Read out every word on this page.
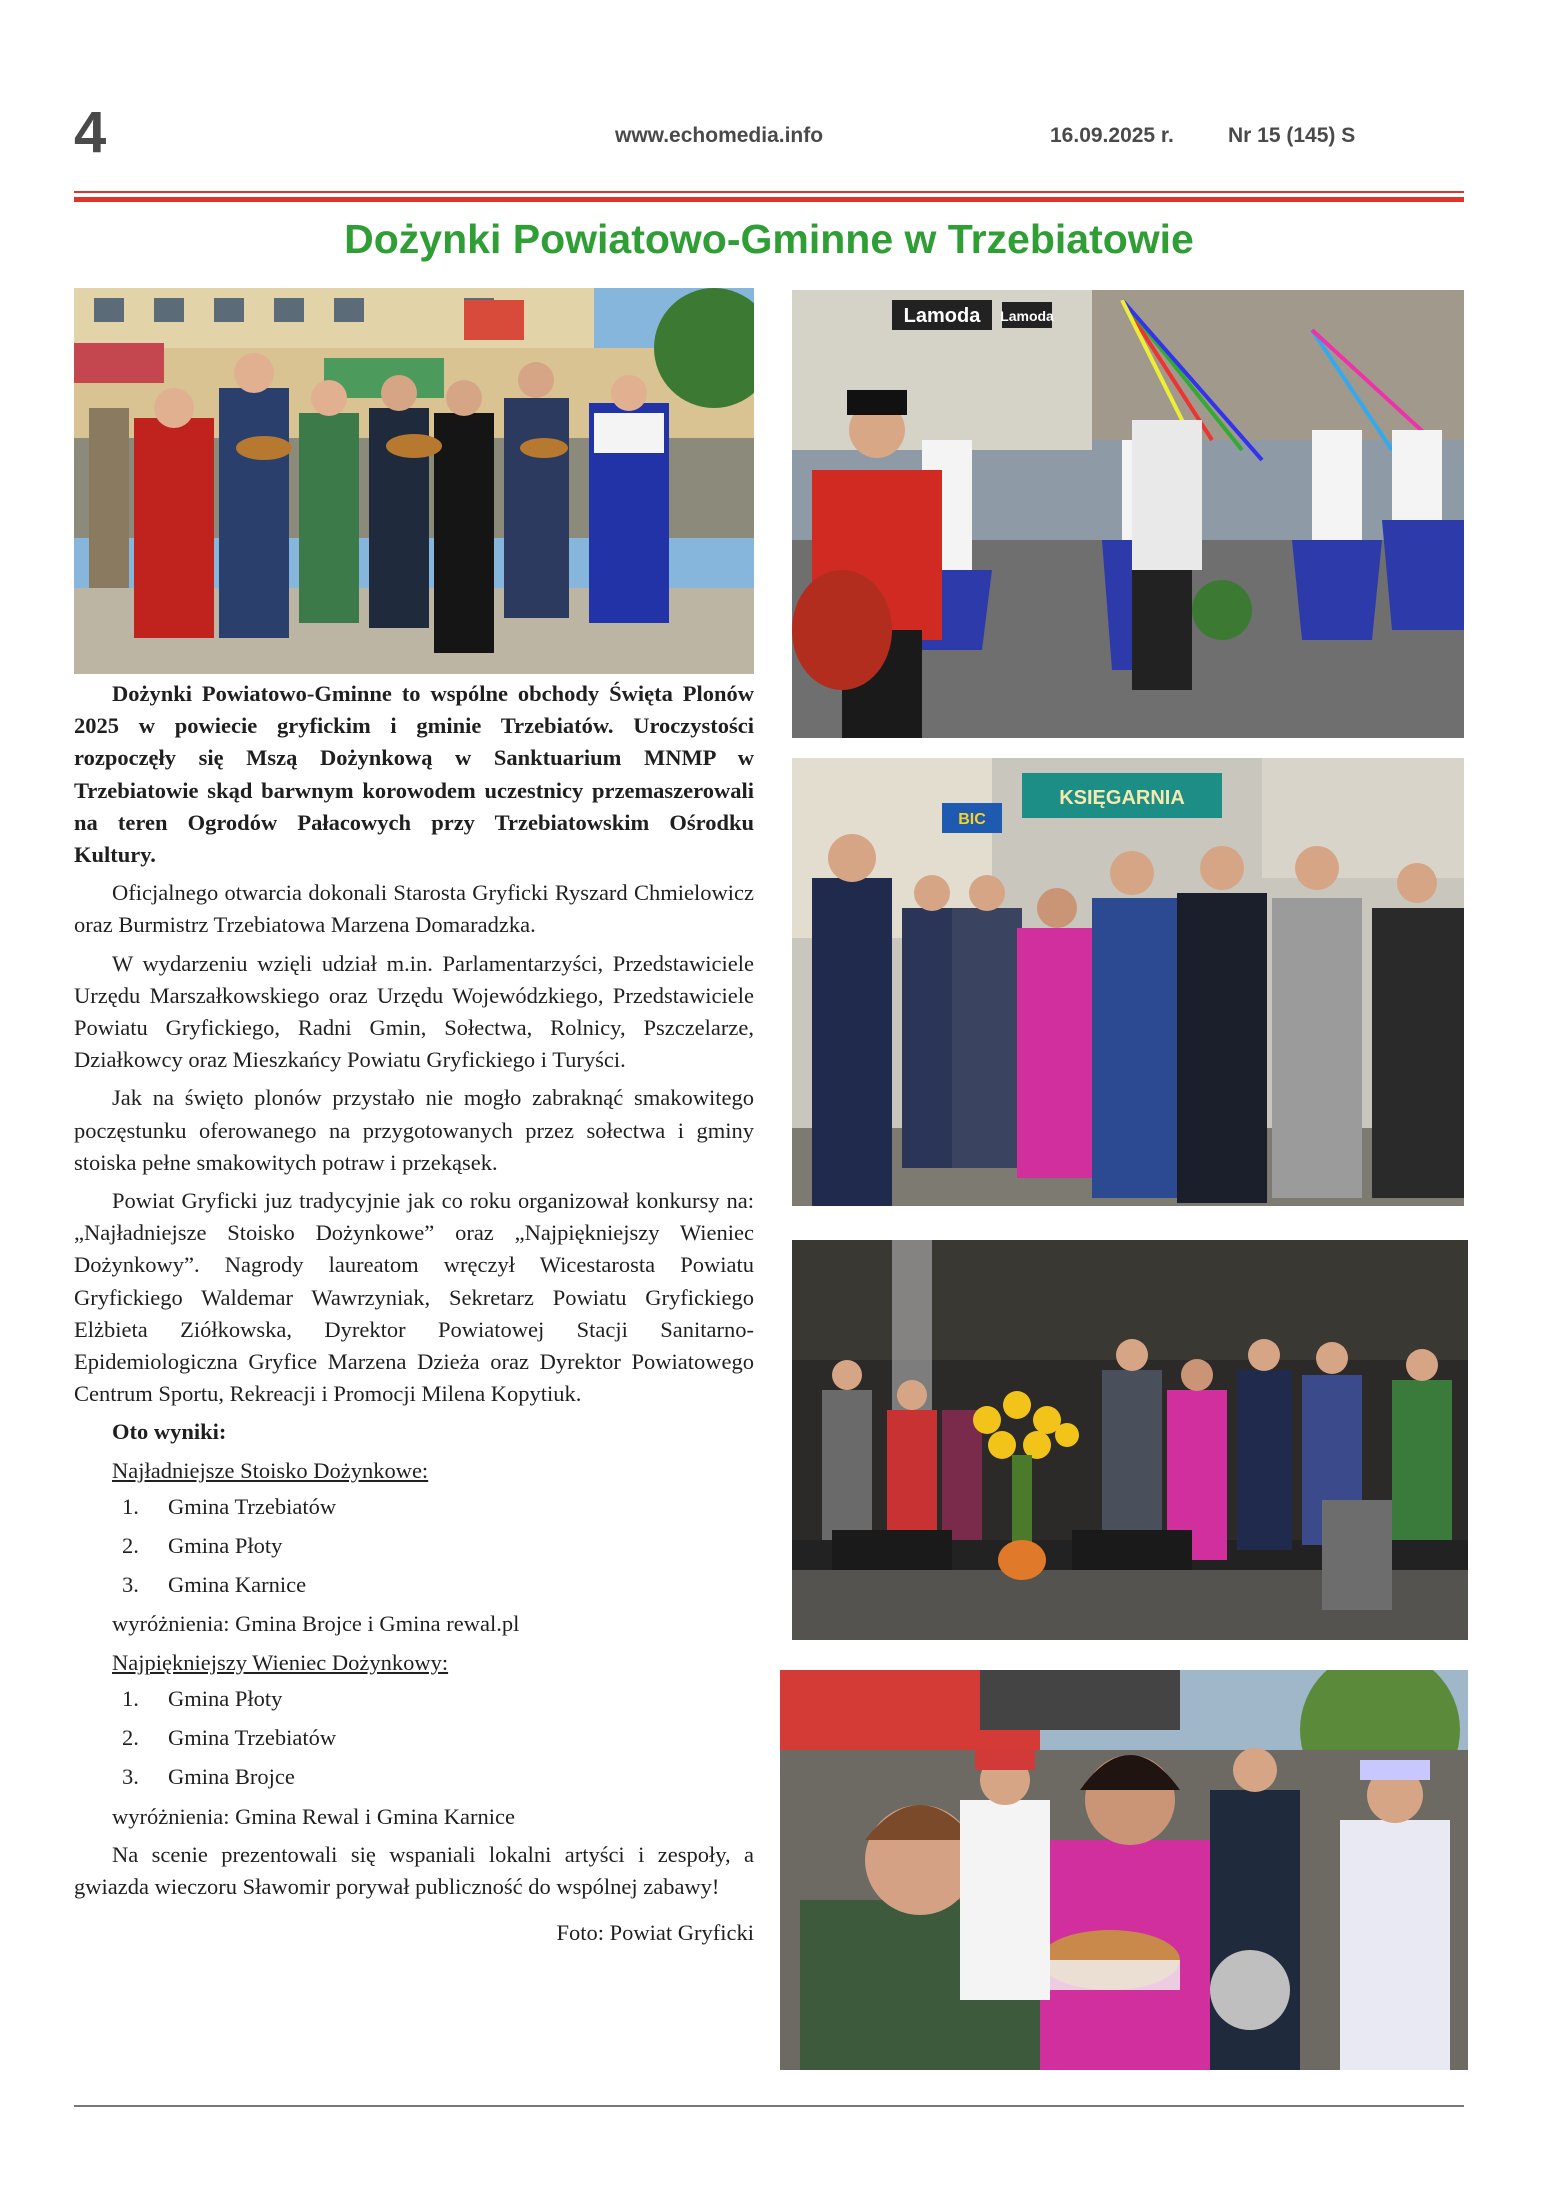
4	www.echomedia.info	16.09.2025 r.	Nr 15 (145) S
Dożynki Powiatowo-Gminne w Trzebiatowie
Lamoda Lamoda
KSIĘGARNIA
BIC

Dożynki Powiatowo-Gminne to wspólne obchody Święta Plonów 2025 w powiecie gryfickim i gminie Trzebiatów. Uroczystości rozpoczęły się Mszą Dożynkową w Sanktuarium MNMP w Trzebiatowie skąd barwnym korowodem uczestnicy przemaszerowali na teren Ogrodów Pałacowych przy Trzebiatowskim Ośrodku Kultury.

Oficjalnego otwarcia dokonali Starosta Gryficki Ryszard Chmielowicz oraz Burmistrz Trzebiatowa Marzena Domaradzka.

W wydarzeniu wzięli udział m.in. Parlamentarzyści, Przedstawiciele Urzędu Marszałkowskiego oraz Urzędu Wojewódzkiego, Przedstawiciele Powiatu Gryfickiego, Radni Gmin, Sołectwa, Rolnicy, Pszczelarze, Działkowcy oraz Mieszkańcy Powiatu Gryfickiego i Turyści.

Jak na święto plonów przystało nie mogło zabraknąć smakowitego poczęstunku oferowanego na przygotowanych przez sołectwa i gminy stoiska pełne smakowitych potraw i przekąsek.

Powiat Gryficki juz tradycyjnie jak co roku organizował konkursy na: „Najładniejsze Stoisko Dożynkowe” oraz „Najpiękniejszy Wieniec Dożynkowy”. Nagrody laureatom wręczył Wicestarosta Powiatu Gryfickiego Waldemar Wawrzyniak, Sekretarz Powiatu Gryfickiego Elżbieta Ziółkowska, Dyrektor Powiatowej Stacji Sanitarno-Epidemiologiczna Gryfice Marzena Dzieża oraz Dyrektor Powiatowego Centrum Sportu, Rekreacji i Promocji Milena Kopytiuk.

Oto wyniki:
Najładniejsze Stoisko Dożynkowe:
1. Gmina Trzebiatów
2. Gmina Płoty
3. Gmina Karnice
wyróżnienia: Gmina Brojce i Gmina rewal.pl
Najpiękniejszy Wieniec Dożynkowy:
1. Gmina Płoty
2. Gmina Trzebiatów
3. Gmina Brojce
wyróżnienia: Gmina Rewal i Gmina Karnice

Na scenie prezentowali się wspaniali lokalni artyści i zespoły, a gwiazda wieczoru Sławomir porywał publiczność do wspólnej zabawy!

Foto: Powiat Gryficki
